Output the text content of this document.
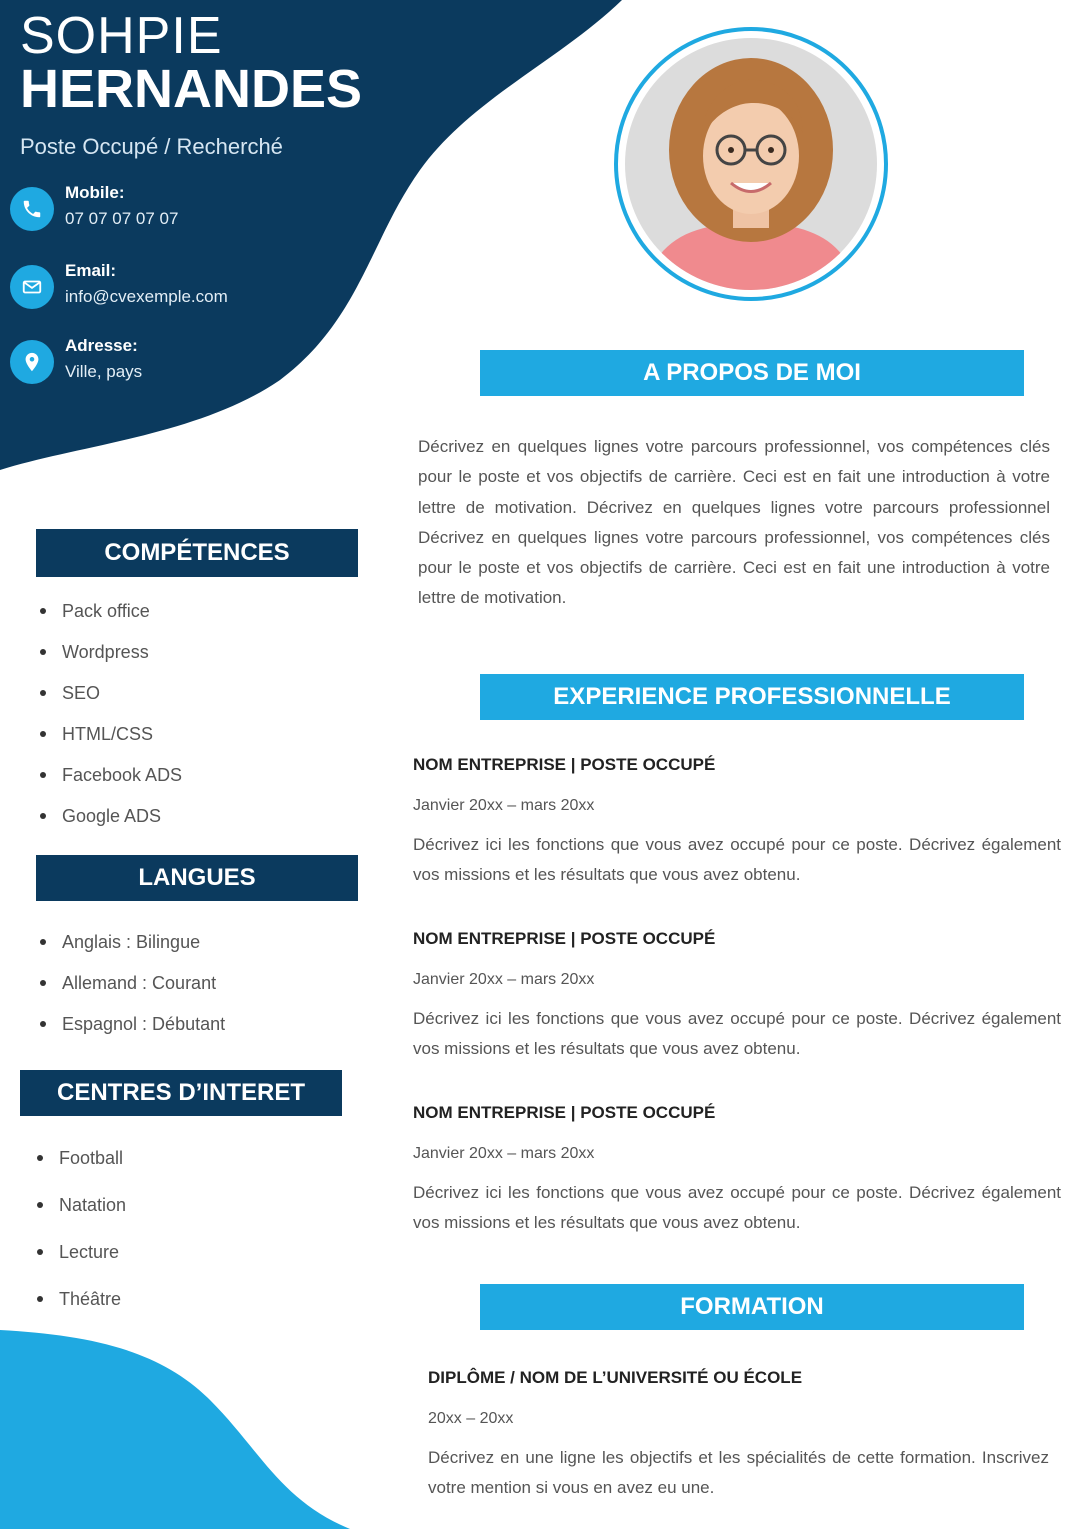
SOHPIE
HERNANDES
Poste Occupé / Recherché
Mobile:
07 07 07 07 07
Email:
info@cvexemple.com
Adresse:
Ville, pays
COMPÉTENCES
Pack office
Wordpress
SEO
HTML/CSS
Facebook ADS
Google ADS
LANGUES
Anglais : Bilingue
Allemand : Courant
Espagnol : Débutant
CENTRES D’INTERET
Football
Natation
Lecture
Théâtre
A PROPOS DE MOI

Décrivez en quelques lignes votre parcours professionnel, vos compétences clés pour le poste et vos objectifs de carrière. Ceci est en fait une introduction à votre lettre de motivation. Décrivez en quelques lignes votre parcours professionnel Décrivez en quelques lignes votre parcours professionnel, vos compétences clés pour le poste et vos objectifs de carrière. Ceci est en fait une introduction à votre lettre de motivation.

EXPERIENCE PROFESSIONNELLE

NOM ENTREPRISE | POSTE OCCUPÉ

Janvier 20xx – mars 20xx

Décrivez ici les fonctions que vous avez occupé pour ce poste. Décrivez également vos missions et les résultats que vous avez obtenu.

NOM ENTREPRISE | POSTE OCCUPÉ

Janvier 20xx – mars 20xx

Décrivez ici les fonctions que vous avez occupé pour ce poste. Décrivez également vos missions et les résultats que vous avez obtenu.

NOM ENTREPRISE | POSTE OCCUPÉ

Janvier 20xx – mars 20xx

Décrivez ici les fonctions que vous avez occupé pour ce poste. Décrivez également vos missions et les résultats que vous avez obtenu.

FORMATION

DIPLÔME / NOM DE L’UNIVERSITÉ OU ÉCOLE

20xx – 20xx

Décrivez en une ligne les objectifs et les spécialités de cette formation. Inscrivez votre mention si vous en avez eu une.
